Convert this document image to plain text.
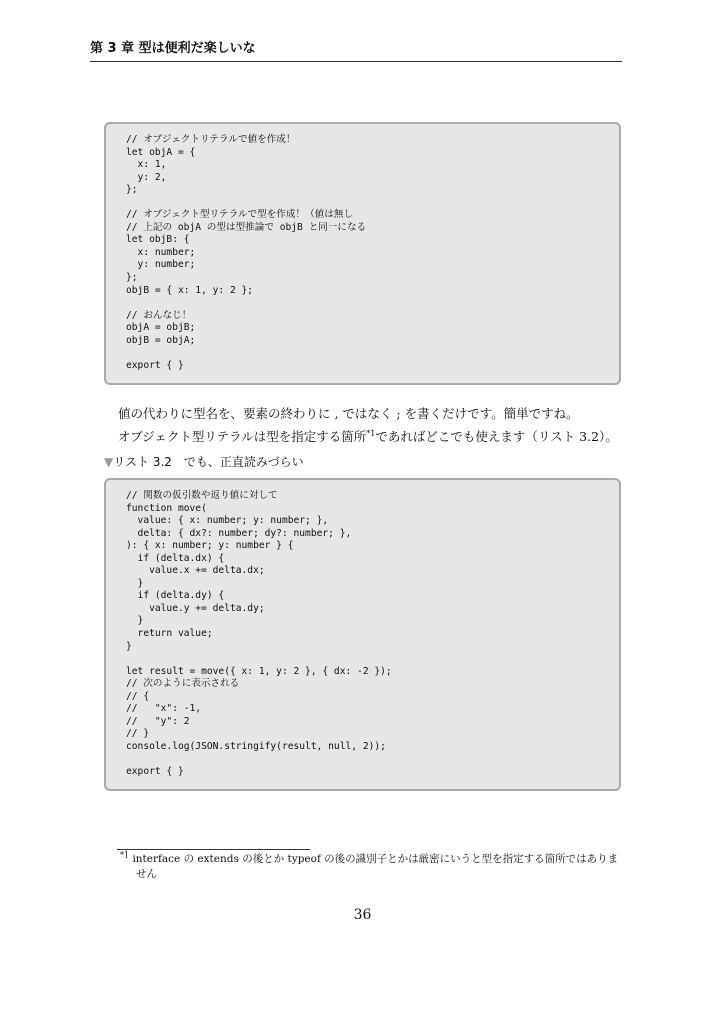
第 3 章 型は便利だ楽しいな
// オブジェクトリテラルで値を作成！
let objA = {
x: 1,
y: 2,
};

// オブジェクト型リテラルで型を作成！（値は無し
// 上記の objA の型は型推論で objB と同一になる
let objB: {
x: number;
y: number;
};
objB = { x: 1, y: 2 };

// おんなじ！
objA = objB;
objB = objA;

export { }

値の代わりに型名を、要素の終わりに , ではなく ; を書くだけです。簡単ですね。

オブジェクト型リテラルは型を指定する箇所$^{*1}$であればどこでも使えます（リスト 3.2）。

▼リスト 3.2　でも、正直読みづらい
// 関数の仮引数や返り値に対して
function move(
value: { x: number; y: number; },
delta: { dx?: number; dy?: number; },
): { x: number; y: number } {
if (delta.dx) {
value.x += delta.dx;
}
if (delta.dy) {
value.y += delta.dy;
}
return value;
}

let result = move({ x: 1, y: 2 }, { dx: -2 });
// 次のように表示される
// {
//   "x": -1,
//   "y": 2
// }
console.log(JSON.stringify(result, null, 2));

export { }
$^{*1}$ interface の extends の後とか typeof の後の識別子とかは厳密にいうと型を指定する箇所ではありません
36
